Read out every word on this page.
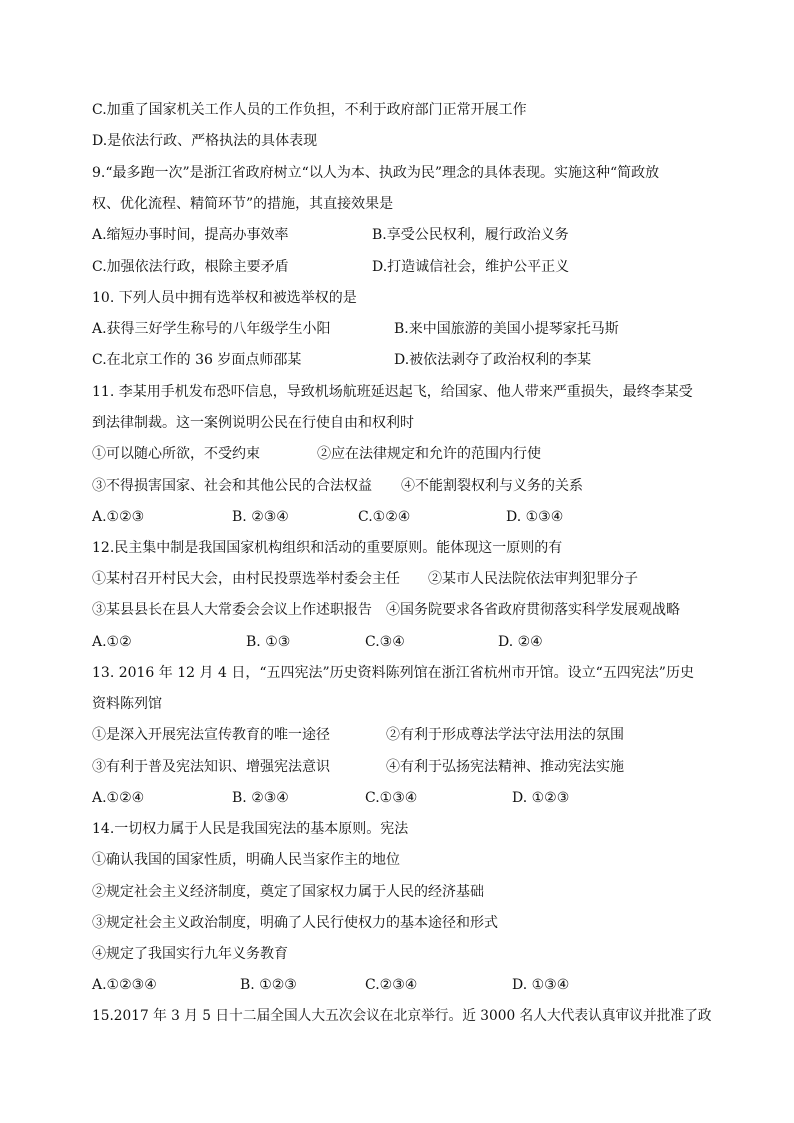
C.加重了国家机关工作人员的工作负担，不利于政府部门正常开展工作
D.是依法行政、严格执法的具体表现
9.“最多跑一次”是浙江省政府树立“以人为本、执政为民”理念的具体表现。实施这种“简政放
权、优化流程、精简环节”的措施，其直接效果是
A.缩短办事时间，提高办事效率	B.享受公民权利，履行政治义务
C.加强依法行政，根除主要矛盾	D.打造诚信社会，维护公平正义
10. 下列人员中拥有选举权和被选举权的是
A.获得三好学生称号的八年级学生小阳	B.来中国旅游的美国小提琴家托马斯
C.在北京工作的 36 岁面点师邵某	D.被依法剥夺了政治权利的李某
11. 李某用手机发布恐吓信息，导致机场航班延迟起飞，给国家、他人带来严重损失，最终李某受
到法律制裁。这一案例说明公民在行使自由和权利时
①可以随心所欲，不受约束	②应在法律规定和允许的范围内行使
③不得损害国家、社会和其他公民的合法权益 ④不能割裂权利与义务的关系
A.①②③	B. ②③④	C.①②④	D. ①③④
12.民主集中制是我国国家机构组织和活动的重要原则。能体现这一原则的有
①某村召开村民大会，由村民投票选举村委会主任 ②某市人民法院依法审判犯罪分子
③某县县长在县人大常委会会议上作述职报告 ④国务院要求各省政府贯彻落实科学发展观战略
A.①②	B. ①③	C.③④	D. ②④
13. 2016 年 12 月 4 日，“五四宪法”历史资料陈列馆在浙江省杭州市开馆。设立“五四宪法”历史
资料陈列馆
①是深入开展宪法宣传教育的唯一途径	②有利于形成尊法学法守法用法的氛围
③有利于普及宪法知识、增强宪法意识	④有利于弘扬宪法精神、推动宪法实施
A.①②④	B. ②③④	C.①③④	D. ①②③
14.一切权力属于人民是我国宪法的基本原则。宪法
①确认我国的国家性质，明确人民当家作主的地位
②规定社会主义经济制度，奠定了国家权力属于人民的经济基础
③规定社会主义政治制度，明确了人民行使权力的基本途径和形式
④规定了我国实行九年义务教育
A.①②③④	B. ①②③	C.②③④	D. ①③④
15.2017 年 3 月 5 日十二届全国人大五次会议在北京举行。近 3000 名人大代表认真审议并批准了政
